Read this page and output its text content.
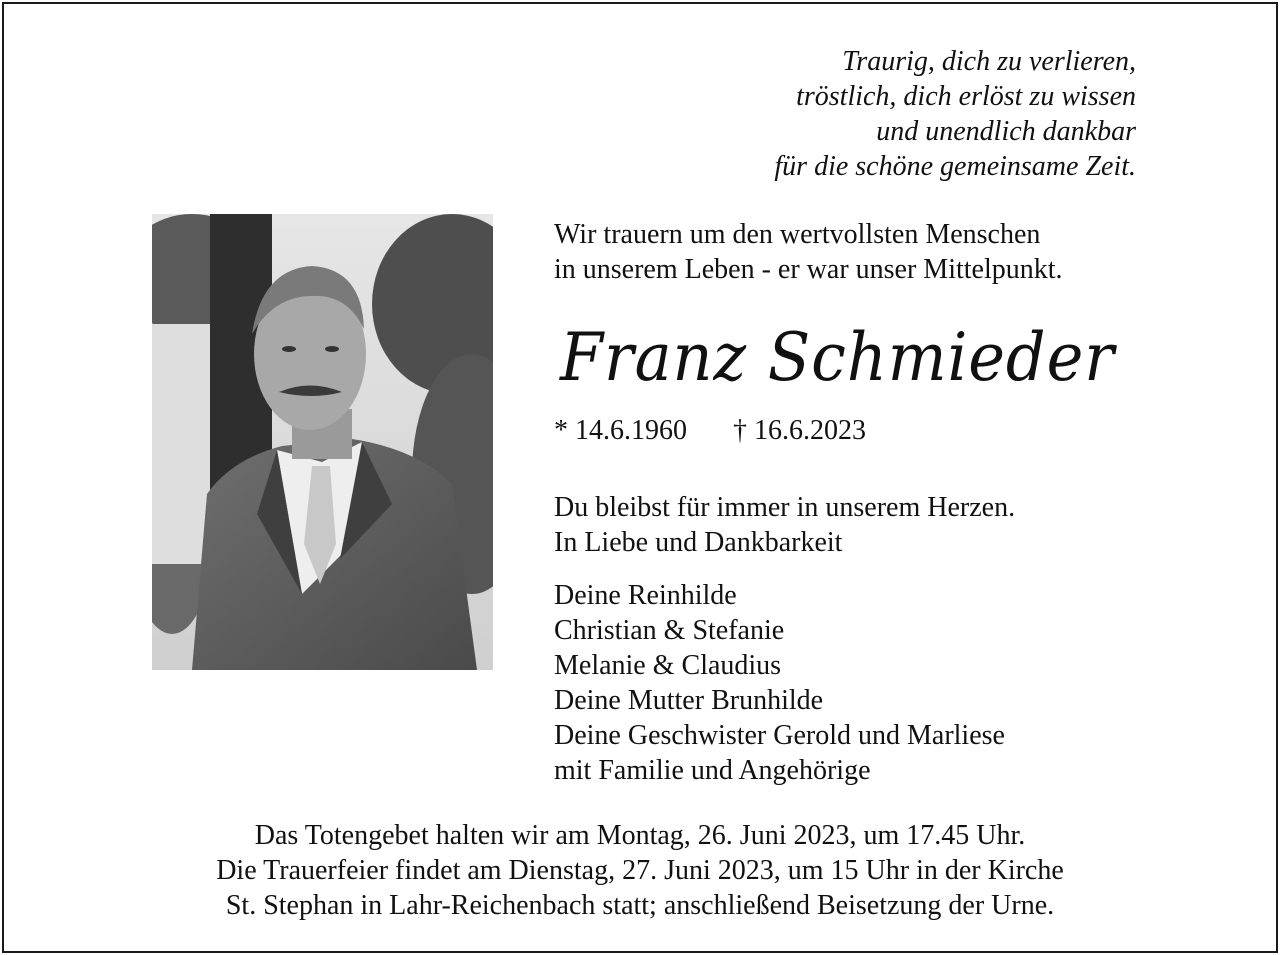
Traurig, dich zu verlieren,
tröstlich, dich erlöst zu wissen
und unendlich dankbar
für die schöne gemeinsame Zeit.
Wir trauern um den wertvollsten Menschen
in unserem Leben - er war unser Mittelpunkt.
Franz Schmieder
* 14.6.1960 † 16.6.2023
Du bleibst für immer in unserem Herzen.
In Liebe und Dankbarkeit
Deine Reinhilde
Christian & Stefanie
Melanie & Claudius
Deine Mutter Brunhilde
Deine Geschwister Gerold und Marliese
mit Familie und Angehörige
Das Totengebet halten wir am Montag, 26. Juni 2023, um 17.45 Uhr.
Die Trauerfeier findet am Dienstag, 27. Juni 2023, um 15 Uhr in der Kirche
St. Stephan in Lahr-Reichenbach statt; anschließend Beisetzung der Urne.
